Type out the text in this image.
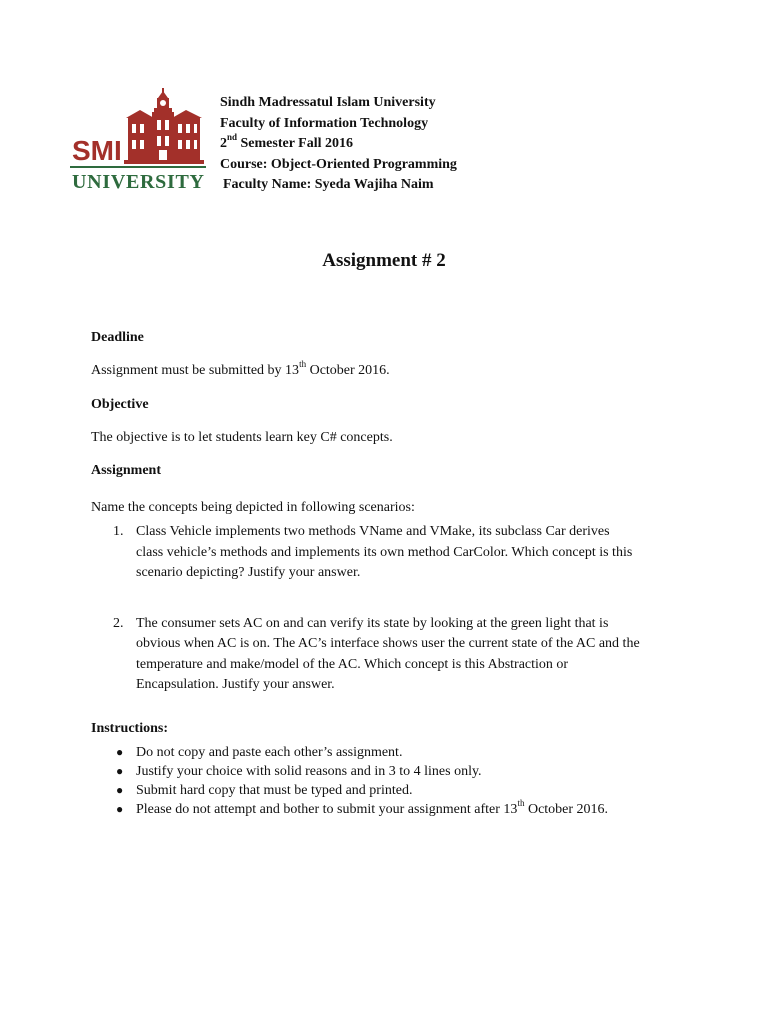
SMI
UNIVERSITY
Sindh Madressatul Islam University
Faculty of Information Technology
2nd Semester Fall 2016
Course: Object-Oriented Programming
Faculty Name: Syeda Wajiha Naim
Assignment # 2
Deadline
Assignment must be submitted by 13th October 2016.
Objective
The objective is to let students learn key C# concepts.
Assignment
Name the concepts being depicted in following scenarios:
1. Class Vehicle implements two methods VName and VMake, its subclass Car derives
class vehicle’s methods and implements its own method CarColor. Which concept is this
scenario depicting? Justify your answer.
2. The consumer sets AC on and can verify its state by looking at the green light that is
obvious when AC is on. The AC’s interface shows user the current state of the AC and the
temperature and make/model of the AC. Which concept is this Abstraction or
Encapsulation. Justify your answer.
Instructions:
● Do not copy and paste each other’s assignment.
● Justify your choice with solid reasons and in 3 to 4 lines only.
● Submit hard copy that must be typed and printed.
● Please do not attempt and bother to submit your assignment after 13th October 2016.
